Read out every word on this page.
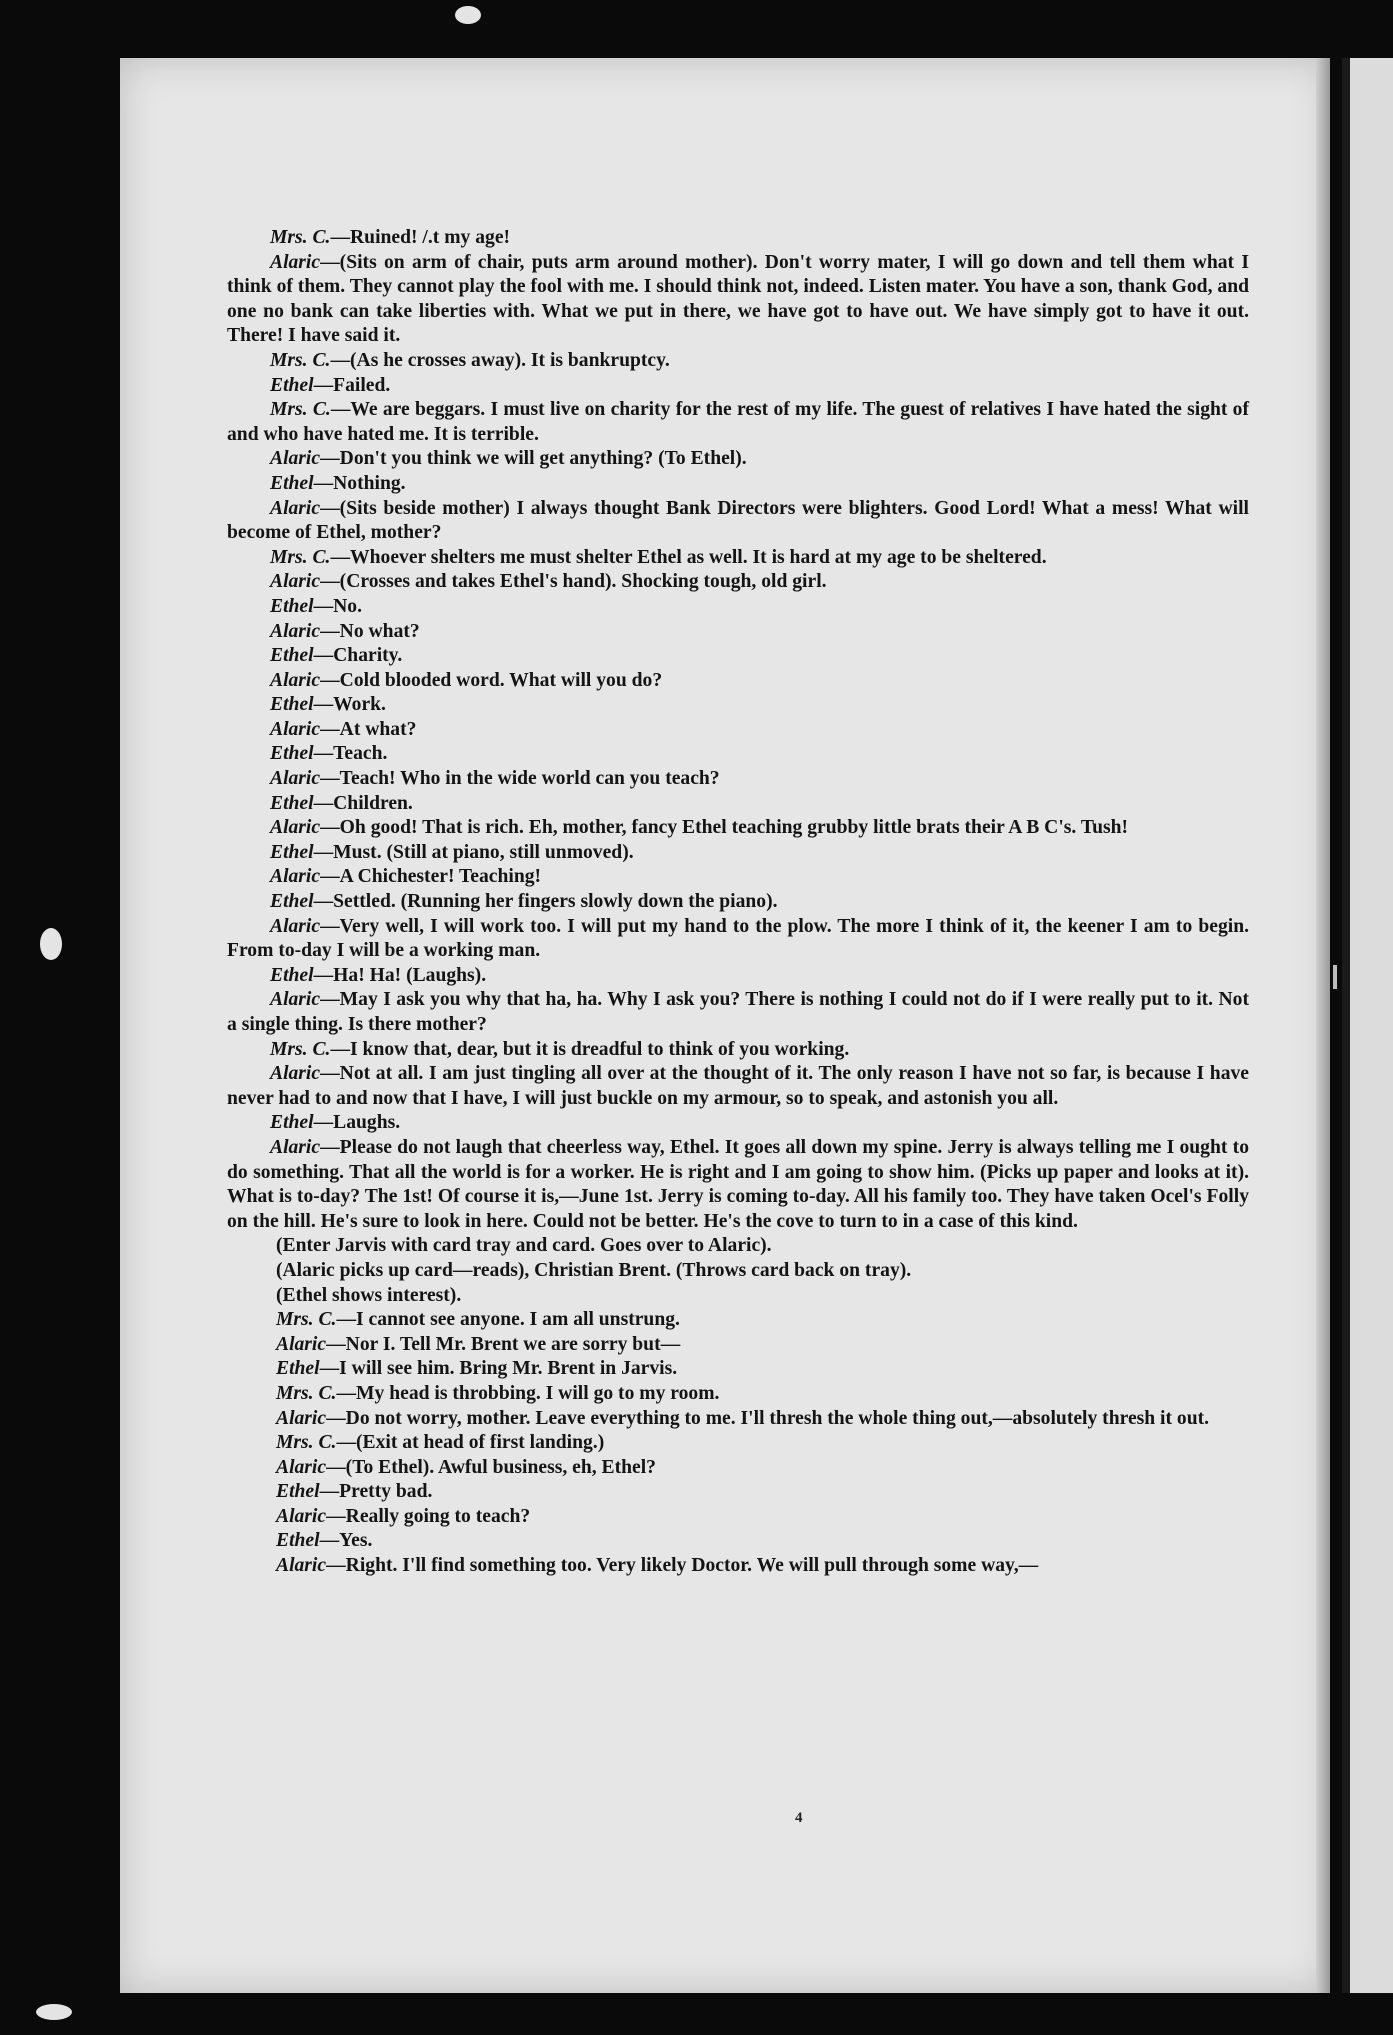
Mrs. C.—Ruined! /.t my age!

Alaric—(Sits on arm of chair, puts arm around mother). Don't worry mater, I will go down and tell them what I think of them. They cannot play the fool with me. I should think not, indeed. Listen mater. You have a son, thank God, and one no bank can take liberties with. What we put in there, we have got to have out. We have simply got to have it out. There! I have said it.

Mrs. C.—(As he crosses away). It is bankruptcy.

Ethel—Failed.

Mrs. C.—We are beggars. I must live on charity for the rest of my life. The guest of relatives I have hated the sight of and who have hated me. It is terrible.

Alaric—Don't you think we will get anything? (To Ethel).

Ethel—Nothing.

Alaric—(Sits beside mother) I always thought Bank Directors were blighters. Good Lord! What a mess! What will become of Ethel, mother?

Mrs. C.—Whoever shelters me must shelter Ethel as well. It is hard at my age to be sheltered.

Alaric—(Crosses and takes Ethel's hand). Shocking tough, old girl.

Ethel—No.

Alaric—No what?

Ethel—Charity.

Alaric—Cold blooded word. What will you do?

Ethel—Work.

Alaric—At what?

Ethel—Teach.

Alaric—Teach! Who in the wide world can you teach?

Ethel—Children.

Alaric—Oh good! That is rich. Eh, mother, fancy Ethel teaching grubby little brats their A B C's. Tush!

Ethel—Must. (Still at piano, still unmoved).

Alaric—A Chichester! Teaching!

Ethel—Settled. (Running her fingers slowly down the piano).

Alaric—Very well, I will work too. I will put my hand to the plow. The more I think of it, the keener I am to begin. From to-day I will be a working man.

Ethel—Ha! Ha! (Laughs).

Alaric—May I ask you why that ha, ha. Why I ask you? There is nothing I could not do if I were really put to it. Not a single thing. Is there mother?

Mrs. C.—I know that, dear, but it is dreadful to think of you working.

Alaric—Not at all. I am just tingling all over at the thought of it. The only reason I have not so far, is because I have never had to and now that I have, I will just buckle on my armour, so to speak, and astonish you all.

Ethel—Laughs.

Alaric—Please do not laugh that cheerless way, Ethel. It goes all down my spine. Jerry is always telling me I ought to do something. That all the world is for a worker. He is right and I am going to show him. (Picks up paper and looks at it). What is to-day? The 1st! Of course it is,—June 1st. Jerry is coming to-day. All his family too. They have taken Ocel's Folly on the hill. He's sure to look in here. Could not be better. He's the cove to turn to in a case of this kind.

(Enter Jarvis with card tray and card. Goes over to Alaric).

(Alaric picks up card—reads), Christian Brent. (Throws card back on tray).

(Ethel shows interest).

Mrs. C.—I cannot see anyone. I am all unstrung.

Alaric—Nor I. Tell Mr. Brent we are sorry but—

Ethel—I will see him. Bring Mr. Brent in Jarvis.

Mrs. C.—My head is throbbing. I will go to my room.

Alaric—Do not worry, mother. Leave everything to me. I'll thresh the whole thing out,—absolutely thresh it out.

Mrs. C.—(Exit at head of first landing.)

Alaric—(To Ethel). Awful business, eh, Ethel?

Ethel—Pretty bad.

Alaric—Really going to teach?

Ethel—Yes.

Alaric—Right. I'll find something too. Very likely Doctor. We will pull through some way,—

4
